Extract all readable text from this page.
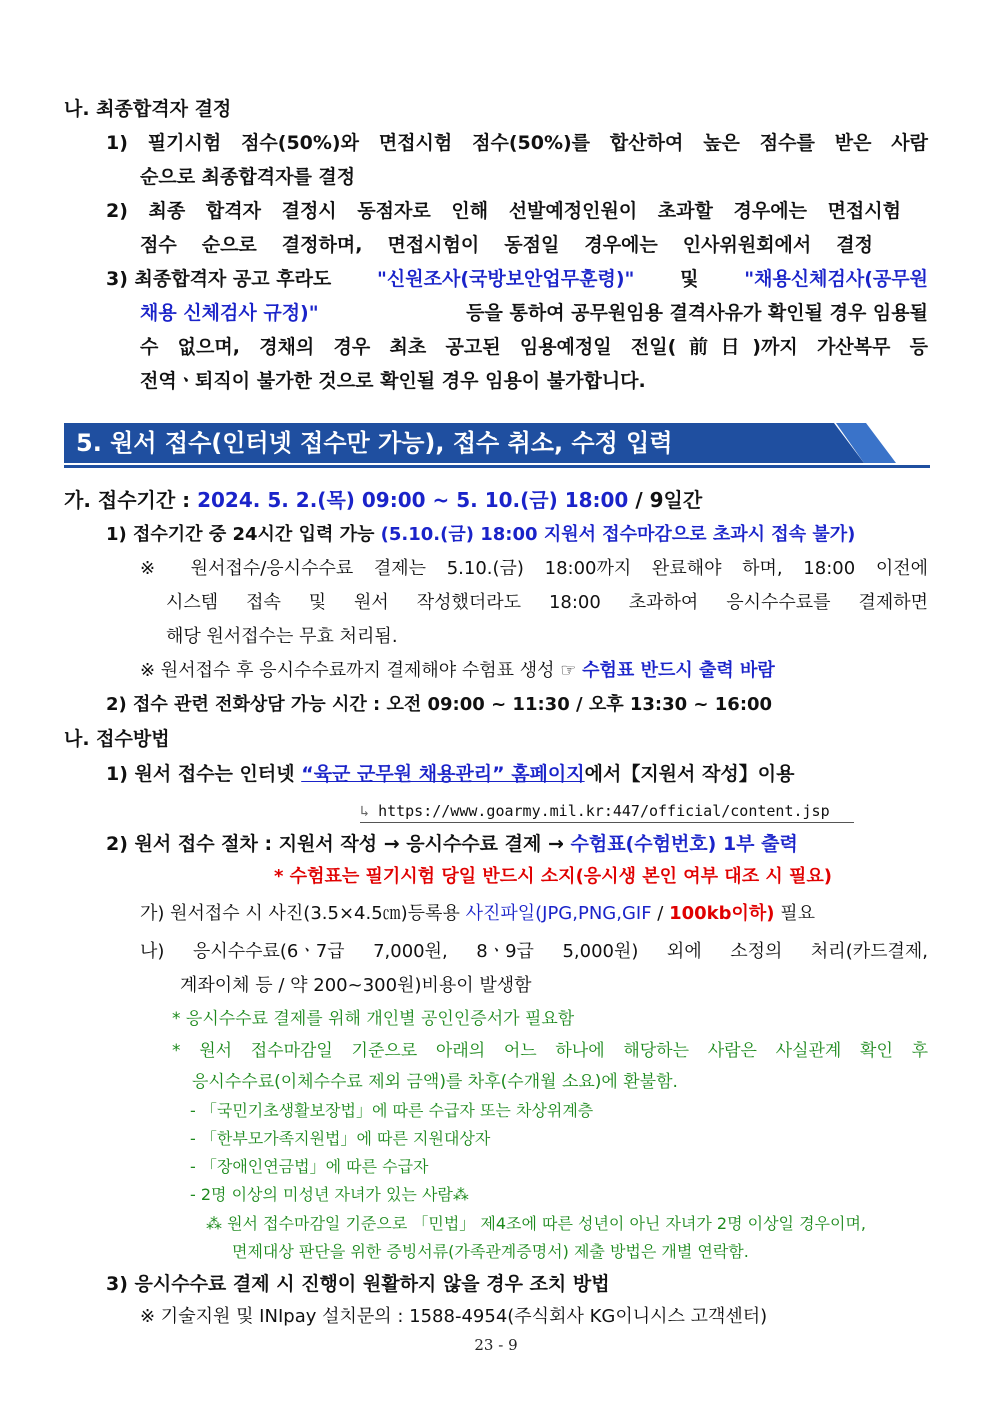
나. 최종합격자 결정
1) 필기시험 점수(50%)와 면접시험 점수(50%)를 합산하여 높은 점수를 받은 사람
순으로 최종합격자를 결정
2) 최종 합격자 결정시 동점자로 인해 선발예정인원이 초과할 경우에는 면접시험
점수 순으로 결정하며, 면접시험이 동점일 경우에는 인사위원회에서 결정
3) 최종합격자 공고 후라도 "신원조사(국방보안업무훈령)" 및 "채용신체검사(공무원
채용 신체검사 규정)"	등을 통하여 공무원임용 결격사유가 확인될 경우 임용될
수 없으며, 경채의 경우 최초 공고된 임용예정일 전일(前日)까지 가산복무 등
전역ㆍ퇴직이 불가한 것으로 확인될 경우 임용이 불가합니다.
5. 원서 접수(인터넷 접수만 가능), 접수 취소, 수정 입력
가. 접수기간 : 2024. 5. 2.(목) 09:00 ~ 5. 10.(금) 18:00 / 9일간
1) 접수기간 중 24시간 입력 가능 (5.10.(금) 18:00 지원서 접수마감으로 초과시 접속 불가)
※ 원서접수/응시수수료 결제는 5.10.(금) 18:00까지 완료해야 하며, 18:00 이전에
시스템 접속 및 원서 작성했더라도 18:00 초과하여 응시수수료를 결제하면
해당 원서접수는 무효 처리됨.
※ 원서접수 후 응시수수료까지 결제해야 수험표 생성 ☞ 수험표 반드시 출력 바람
2) 접수 관련 전화상담 가능 시간 : 오전 09:00 ~ 11:30 / 오후 13:30 ~ 16:00
나. 접수방법
1) 원서 접수는 인터넷 “육군 군무원 채용관리” 홈페이지에서【지원서 작성】이용
↳ https://www.goarmy.mil.kr:447/official/content.jsp
2) 원서 접수 절차 : 지원서 작성 → 응시수수료 결제 → 수험표(수험번호) 1부 출력
* 수험표는 필기시험 당일 반드시 소지(응시생 본인 여부 대조 시 필요)
가) 원서접수 시 사진(3.5×4.5㎝)등록용 사진파일(JPG,PNG,GIF / 100kb이하) 필요
나) 응시수수료(6ㆍ7급 7,000원, 8ㆍ9급 5,000원) 외에 소정의 처리(카드결제,
계좌이체 등 / 약 200~300원)비용이 발생함
* 응시수수료 결제를 위해 개인별 공인인증서가 필요함
* 원서 접수마감일 기준으로 아래의 어느 하나에 해당하는 사람은 사실관계 확인 후
응시수수료(이체수수료 제외 금액)를 차후(수개월 소요)에 환불함.
- 「국민기초생활보장법」에 따른 수급자 또는 차상위계층
- 「한부모가족지원법」에 따른 지원대상자
- 「장애인연금법」에 따른 수급자
- 2명 이상의 미성년 자녀가 있는 사람⁂
⁂ 원서 접수마감일 기준으로 「민법」 제4조에 따른 성년이 아닌 자녀가 2명 이상일 경우이며,
면제대상 판단을 위한 증빙서류(가족관계증명서) 제출 방법은 개별 연락함.
3) 응시수수료 결제 시 진행이 원활하지 않을 경우 조치 방법
※ 기술지원 및 INIpay 설치문의 : 1588-4954(주식회사 KG이니시스 고객센터)
23 - 9
